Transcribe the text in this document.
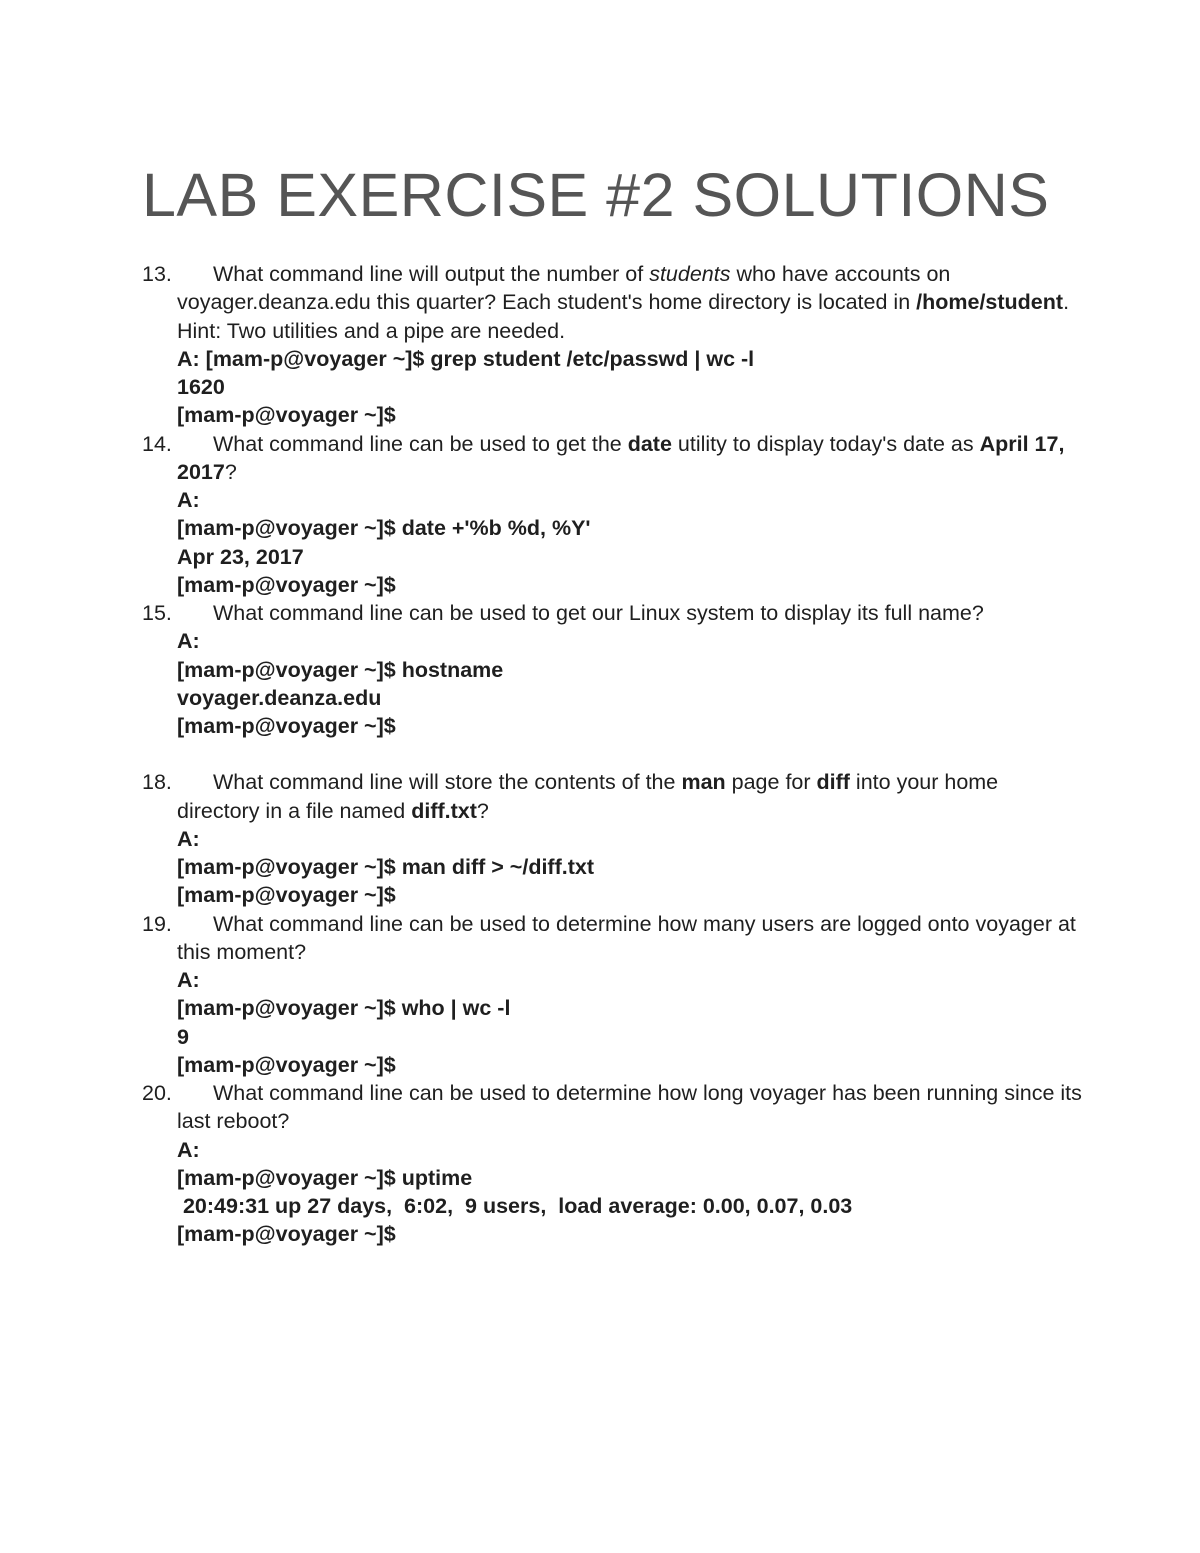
LAB EXERCISE #2 SOLUTIONS
13.	What command line will output the number of students who have accounts on voyager.deanza.edu this quarter? Each student's home directory is located in /home/student. Hint: Two utilities and a pipe are needed.
A: [mam-p@voyager ~]$ grep student /etc/passwd | wc -l
1620
[mam-p@voyager ~]$
14.	What command line can be used to get the date utility to display today's date as April 17, 2017?
A:
[mam-p@voyager ~]$ date +'%b %d, %Y'
Apr 23, 2017
[mam-p@voyager ~]$
15.	What command line can be used to get our Linux system to display its full name?
A:
[mam-p@voyager ~]$ hostname
voyager.deanza.edu
[mam-p@voyager ~]$
18.	What command line will store the contents of the man page for diff into your home directory in a file named diff.txt?
A:
[mam-p@voyager ~]$ man diff > ~/diff.txt
[mam-p@voyager ~]$
19.	What command line can be used to determine how many users are logged onto voyager at this moment?
A:
[mam-p@voyager ~]$ who | wc -l
9
[mam-p@voyager ~]$
20.	What command line can be used to determine how long voyager has been running since its last reboot?
A:
[mam-p@voyager ~]$ uptime
20:49:31 up 27 days,  6:02,  9 users,  load average: 0.00, 0.07, 0.03
[mam-p@voyager ~]$
